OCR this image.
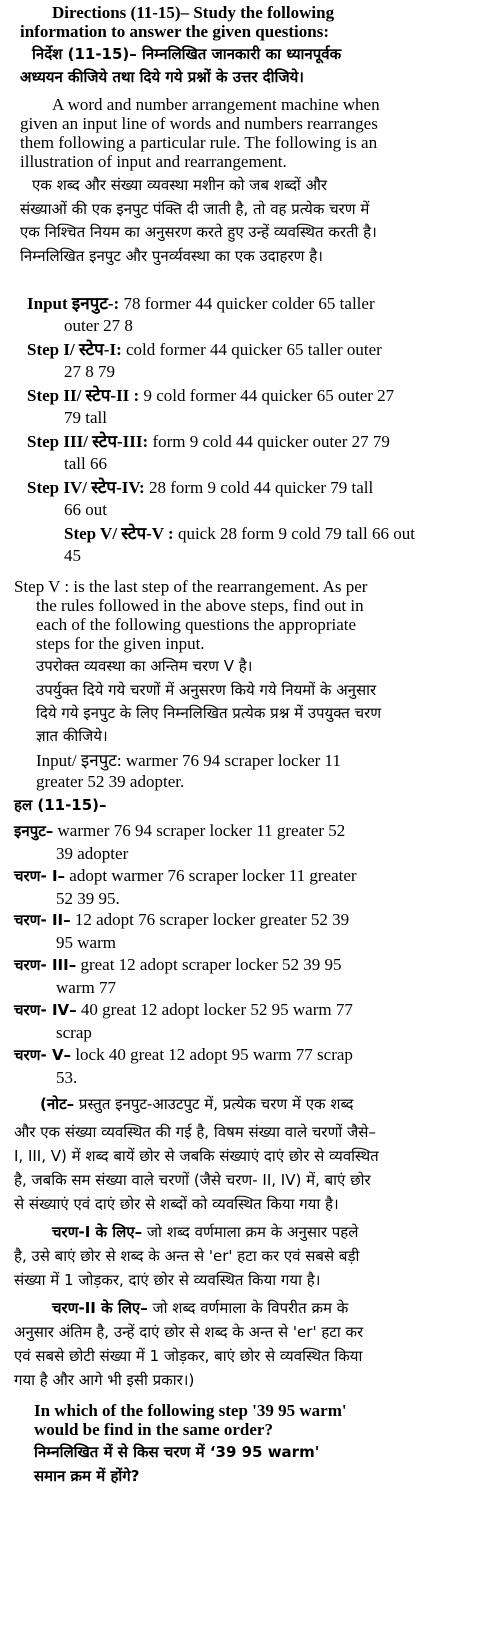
Directions (11-15)– Study the following
information to answer the given questions:
निर्देश (11-15)– निम्नलिखित जानकारी का ध्यानपूर्वक
अध्ययन कीजिये तथा दिये गये प्रश्नों के उत्तर दीजिये।
A word and number arrangement machine when
given an input line of words and numbers rearranges
them following a particular rule. The following is an
illustration of input and rearrangement.
एक शब्द और संख्या व्यवस्था मशीन को जब शब्दों और
संख्याओं की एक इनपुट पंक्ति दी जाती है, तो वह प्रत्येक चरण में
एक निश्चित नियम का अनुसरण करते हुए उन्हें व्यवस्थित करती है।
निम्नलिखित इनपुट और पुनर्व्यवस्था का एक उदाहरण है।
Input इनपुट-: 78 former 44 quicker colder 65 taller
outer 27 8
Step I/ स्टेप-I: cold former 44 quicker 65 taller outer
27 8 79
Step II/ स्टेप-II : 9 cold former 44 quicker 65 outer 27
79 tall
Step III/ स्टेप-III: form 9 cold 44 quicker outer 27 79
tall 66
Step IV/ स्टेप-IV: 28 form 9 cold 44 quicker 79 tall
66 out
Step V/ स्टेप-V : quick 28 form 9 cold 79 tall 66 out
45
Step V : is the last step of the rearrangement. As per
the rules followed in the above steps, find out in
each of the following questions the appropriate
steps for the given input.
उपरोक्त व्यवस्था का अन्तिम चरण V है।
उपर्युक्त दिये गये चरणों में अनुसरण किये गये नियमों के अनुसार
दिये गये इनपुट के लिए निम्नलिखित प्रत्येक प्रश्न में उपयुक्त चरण
ज्ञात कीजिये।
Input/ इनपुट: warmer 76 94 scraper locker 11
greater 52 39 adopter.
हल (11-15)–
इनपुट– warmer 76 94 scraper locker 11 greater 52
39 adopter
चरण- I– adopt warmer 76 scraper locker 11 greater
52 39 95.
चरण- II– 12 adopt 76 scraper locker greater 52 39
95 warm
चरण- III– great 12 adopt scraper locker 52 39 95
warm 77
चरण- IV– 40 great 12 adopt locker 52 95 warm 77
scrap
चरण- V– lock 40 great 12 adopt 95 warm 77 scrap
53.
(नोट– प्रस्तुत इनपुट-आउटपुट में, प्रत्येक चरण में एक शब्द
और एक संख्या व्यवस्थित की गई है, विषम संख्या वाले चरणों जैसे–
I, III, V) में शब्द बायें छोर से जबकि संख्याएं दाएं छोर से व्यवस्थित
है, जबकि सम संख्या वाले चरणों (जैसे चरण- II, IV) में, बाएं छोर
से संख्याएं एवं दाएं छोर से शब्दों को व्यवस्थित किया गया है।
चरण-I के लिए– जो शब्द वर्णमाला क्रम के अनुसार पहले
है, उसे बाएं छोर से शब्द के अन्त से 'er' हटा कर एवं सबसे बड़ी
संख्या में 1 जोड़कर, दाएं छोर से व्यवस्थित किया गया है।
चरण-II के लिए– जो शब्द वर्णमाला के विपरीत क्रम के
अनुसार अंतिम है, उन्हें दाएं छोर से शब्द के अन्त से 'er' हटा कर
एवं सबसे छोटी संख्या में 1 जोड़कर, बाएं छोर से व्यवस्थित किया
गया है और आगे भी इसी प्रकार।)
In which of the following step '39 95 warm'
would be find in the same order?
निम्नलिखित में से किस चरण में ‘39 95 warm'
समान क्रम में होंगे?
